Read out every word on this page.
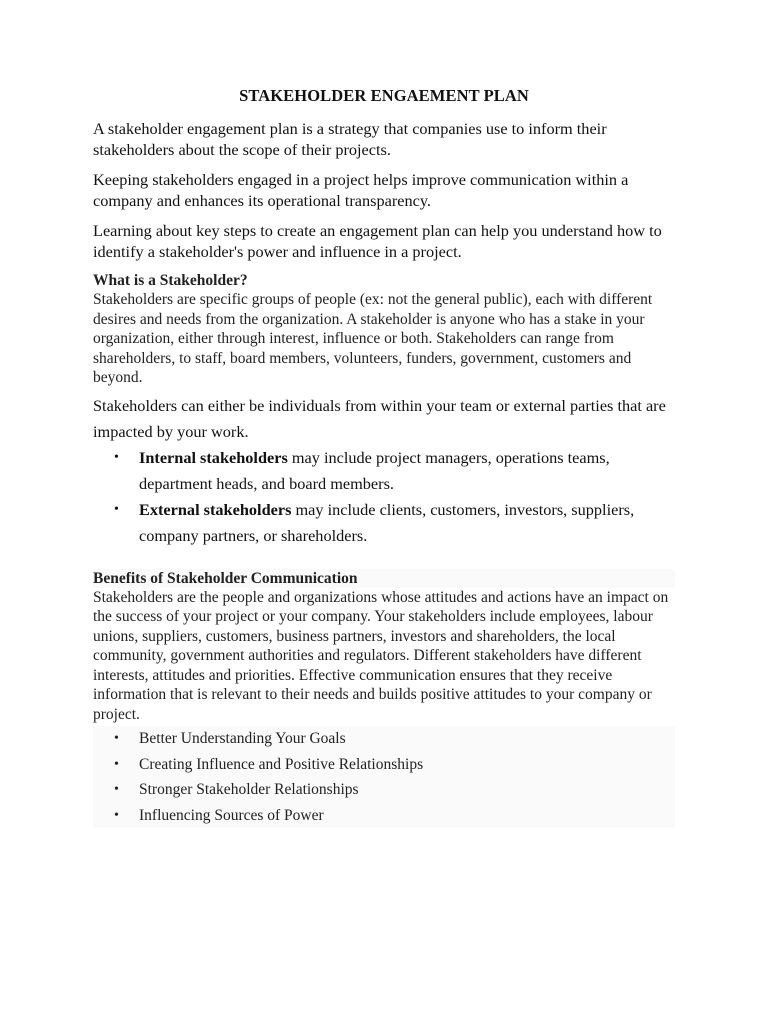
STAKEHOLDER ENGAEMENT PLAN

A stakeholder engagement plan is a strategy that companies use to inform their stakeholders about the scope of their projects.

Keeping stakeholders engaged in a project helps improve communication within a company and enhances its operational transparency.

Learning about key steps to create an engagement plan can help you understand how to identify a stakeholder's power and influence in a project.

What is a Stakeholder?

Stakeholders are specific groups of people (ex: not the general public), each with different desires and needs from the organization. A stakeholder is anyone who has a stake in your organization, either through interest, influence or both. Stakeholders can range from shareholders, to staff, board members, volunteers, funders, government, customers and beyond.

Stakeholders can either be individuals from within your team or external parties that are impacted by your work.

• Internal stakeholders may include project managers, operations teams, department heads, and board members.
• External stakeholders may include clients, customers, investors, suppliers, company partners, or shareholders.

Benefits of Stakeholder Communication

Stakeholders are the people and organizations whose attitudes and actions have an impact on the success of your project or your company. Your stakeholders include employees, labour unions, suppliers, customers, business partners, investors and shareholders, the local community, government authorities and regulators. Different stakeholders have different interests, attitudes and priorities. Effective communication ensures that they receive information that is relevant to their needs and builds positive attitudes to your company or project.

• Better Understanding Your Goals
• Creating Influence and Positive Relationships
• Stronger Stakeholder Relationships
• Influencing Sources of Power
